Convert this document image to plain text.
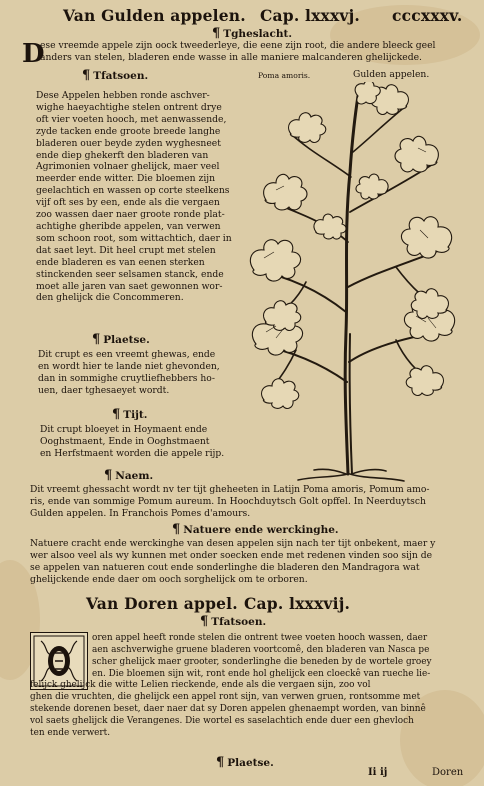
Van Gulden appelen. Cap. lxxxvj. cccxxxv.
¶ Tgheslacht.
D
ese vreemde appele zijn oock tweederleye, die eene zijn root, die andere bleeck geel
anders van stelen, bladeren ende wasse in alle maniere malcanderen ghelijckede.
¶ Tfatsoen.	Poma amoris.	Gulden appelen.
Dese Appelen hebben ronde aschver-
wighe haeyachtighe stelen ontrent drye
oft vier voeten hooch, met aenwassende,
zyde tacken ende groote breede langhe
bladeren ouer beyde zyden wyghesneet
ende diep ghekerft den bladeren van
Agrimonien volnaer ghelijck, maer veel
meerder ende witter. Die bloemen zijn
geelachtich en wassen op corte steelkens
vijf oft ses by een, ende als die vergaen
zoo wassen daer naer groote ronde plat-
achtighe gheribde appelen, van verwen
som schoon root, som wittachtich, daer in
dat saet leyt. Dit heel crupt met stelen
ende bladeren es van eenen sterken
stinckenden seer selsamen stanck, ende
moet alle jaren van saet gewonnen wor-
den ghelijck die Concommeren.
¶ Plaetse.
Dit crupt es een vreemt ghewas, ende
en wordt hier te lande niet ghevonden,
dan in sommighe cruytliefhebbers ho-
uen, daer tghesaeyet wordt.
¶ Tijt.
Dit crupt bloeyet in Hoymaent ende
Ooghstmaent, Ende in Ooghstmaent
en Herfstmaent worden die appele rijp.
¶ Naem.
Dit vreemt ghessacht wordt nv ter tijt gheheeten in Latijn Poma amoris, Pomum amo-
ris, ende van sommige Pomum aureum. In Hoochduytsch Golt opffel. In Neerduytsch
Gulden appelen. In Franchois Pomes d'amours.
¶ Natuere ende werckinghe.
Natuere cracht ende werckinghe van desen appelen sijn nach ter tijt onbekent, maer y
wer alsoo veel als wy kunnen met onder soecken ende met redenen vinden soo sijn de
se appelen van natueren cout ende sonderlinghe die bladeren den Mandragora wat
ghelijckende ende daer om ooch sorghelijck om te orboren.
Van Doren appel. Cap. lxxxvij.
¶ Tfatsoen.
oren appel heeft ronde stelen die ontrent twee voeten hooch wassen, daer
aen aschverwighe gruene bladeren voortcomê, den bladeren van Nasca pe
scher ghelijck maer grooter, sonderlinghe die beneden by de wortele groey
en. Die bloemen sijn wit, ront ende hol ghelijck een cloeckê van rueche lie-
felijck ghelijck die witte Lelien rieckende, ende als die vergaen sijn, zoo vol
ghen die vruchten, die ghelijck een appel ront sijn, van verwen gruen, rontsomme met
stekende dorenen beset, daer naer dat sy Doren appelen ghenaempt worden, van binnê
vol saets ghelijck die Verangenes. Die wortel es saselachtich ende duer een ghevloch
ten ende verwert.
¶ Plaetse.
Ii ij	Doren
